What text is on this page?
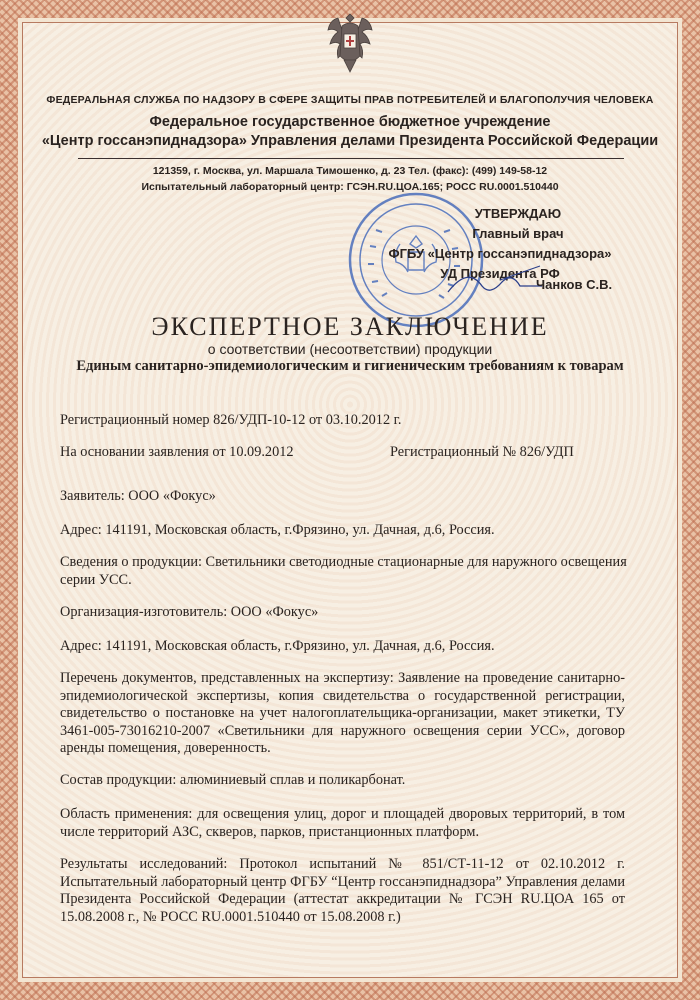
ФЕДЕРАЛЬНАЯ СЛУЖБА ПО НАДЗОРУ В СФЕРЕ ЗАЩИТЫ ПРАВ ПОТРЕБИТЕЛЕЙ И БЛАГОПОЛУЧИЯ ЧЕЛОВЕКА
Федеральное государственное бюджетное учреждение
«Центр госсанэпиднадзора» Управления делами Президента Российской Федерации
121359, г. Москва, ул. Маршала Тимошенко, д. 23 Тел. (факс): (499) 149-58-12
Испытательный лабораторный центр: ГСЭН.RU.ЦОА.165; РОСС RU.0001.510440
УТВЕРЖДАЮ
Главный врач
ФГБУ «Центр госсанэпиднадзора»
УД Президента РФ
Чанков С.В.
ЭКСПЕРТНОЕ ЗАКЛЮЧЕНИЕ
о соответствии (несоответствии) продукции
Единым санитарно-эпидемиологическим и гигиеническим требованиям к товарам
Регистрационный номер 826/УДП-10-12 от 03.10.2012 г.
На основании заявления от 10.09.2012	Регистрационный № 826/УДП
Заявитель: ООО «Фокус»
Адрес: 141191, Московская область, г.Фрязино, ул. Дачная, д.6, Россия.
Сведения о продукции: Светильники светодиодные стационарные для наружного освещения серии УСС.
Организация-изготовитель: ООО «Фокус»
Адрес: 141191, Московская область, г.Фрязино, ул. Дачная, д.6, Россия.
Перечень документов, представленных на экспертизу: Заявление на проведение санитарно-эпидемиологической экспертизы, копия свидетельства о государственной регистрации, свидетельство о постановке на учет налогоплательщика-организации, макет этикетки, ТУ 3461-005-73016210-2007 «Светильники для наружного освещения серии УСС», договор аренды помещения, доверенность.
Состав продукции: алюминиевый сплав и поликарбонат.
Область применения: для освещения улиц, дорог и площадей дворовых территорий, в том числе территорий АЗС, скверов, парков, пристанционных платформ.
Результаты исследований: Протокол испытаний № 851/СТ-11-12 от 02.10.2012 г. Испытательный лабораторный центр ФГБУ “Центр госсанэпиднадзора” Управления делами Президента Российской Федерации (аттестат аккредитации № ГСЭН RU.ЦОА 165 от 15.08.2008 г., № РОСС RU.0001.510440 от 15.08.2008 г.)
